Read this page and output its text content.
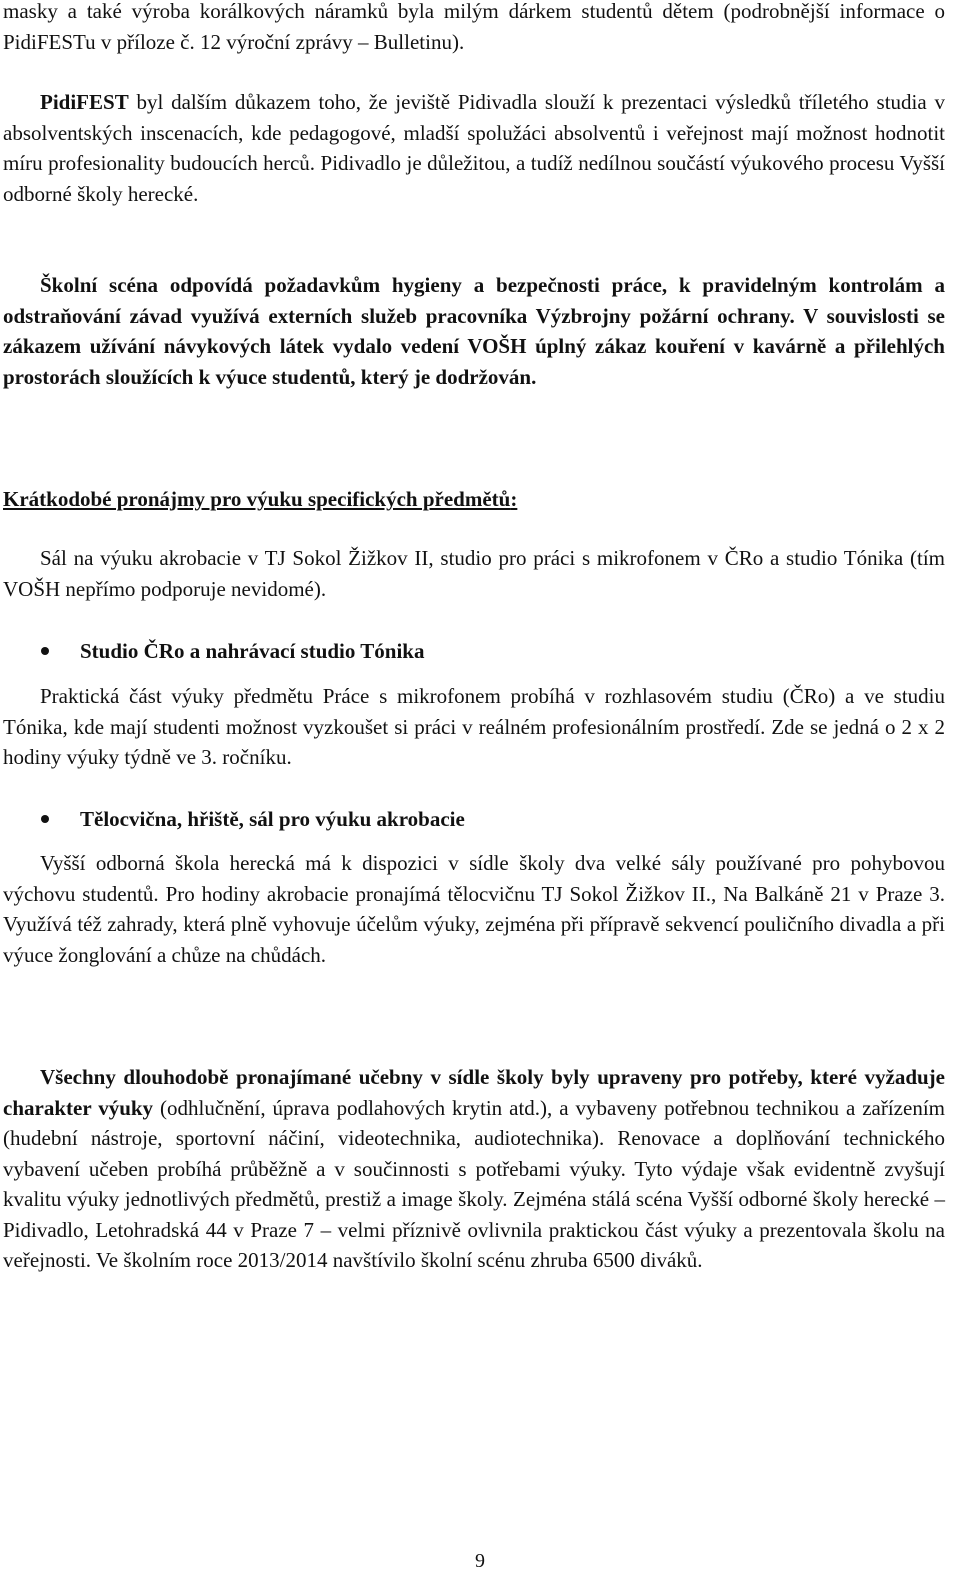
masky a také výroba korálkových náramků byla milým dárkem studentů dětem (podrobnější informace o PidiFESTu v příloze č. 12 výroční zprávy – Bulletinu).

PidiFEST byl dalším důkazem toho, že jeviště Pidivadla slouží k prezentaci výsledků tříletého studia v absolventských inscenacích, kde pedagogové, mladší spolužáci absolventů i veřejnost mají možnost hodnotit míru profesionality budoucích herců. Pidivadlo je důležitou, a tudíž nedílnou součástí výukového procesu Vyšší odborné školy herecké.

Školní scéna odpovídá požadavkům hygieny a bezpečnosti práce, k pravidelným kontrolám a odstraňování závad využívá externích služeb pracovníka Výzbrojny požární ochrany. V souvislosti se zákazem užívání návykových látek vydalo vedení VOŠH úplný zákaz kouření v kavárně a přilehlých prostorách sloužících k výuce studentů, který je dodržován.

Krátkodobé pronájmy pro výuku specifických předmětů:

Sál na výuku akrobacie v TJ Sokol Žižkov II, studio pro práci s mikrofonem v ČRo a studio Tónika (tím VOŠH nepřímo podporuje nevidomé).

Studio ČRo a nahrávací studio Tónika

Praktická část výuky předmětu Práce s mikrofonem probíhá v rozhlasovém studiu (ČRo) a ve studiu Tónika, kde mají studenti možnost vyzkoušet si práci v reálném profesionálním prostředí. Zde se jedná o 2 x 2 hodiny výuky týdně ve 3. ročníku.

Tělocvična, hřiště, sál pro výuku akrobacie

Vyšší odborná škola herecká má k dispozici v sídle školy dva velké sály používané pro pohybovou výchovu studentů. Pro hodiny akrobacie pronajímá tělocvičnu TJ Sokol Žižkov II., Na Balkáně 21 v Praze 3. Využívá též zahrady, která plně vyhovuje účelům výuky, zejména při přípravě sekvencí pouličního divadla a při výuce žonglování a chůze na chůdách.

Všechny dlouhodobě pronajímané učebny v sídle školy byly upraveny pro potřeby, které vyžaduje charakter výuky (odhlučnění, úprava podlahových krytin atd.), a vybaveny potřebnou technikou a zařízením (hudební nástroje, sportovní náčiní, videotechnika, audiotechnika). Renovace a doplňování technického vybavení učeben probíhá průběžně a v součinnosti s potřebami výuky. Tyto výdaje však evidentně zvyšují kvalitu výuky jednotlivých předmětů, prestiž a image školy. Zejména stálá scéna Vyšší odborné školy herecké – Pidivadlo, Letohradská 44 v Praze 7 – velmi příznivě ovlivnila praktickou část výuky a prezentovala školu na veřejnosti. Ve školním roce 2013/2014 navštívilo školní scénu zhruba 6500 diváků.

9
